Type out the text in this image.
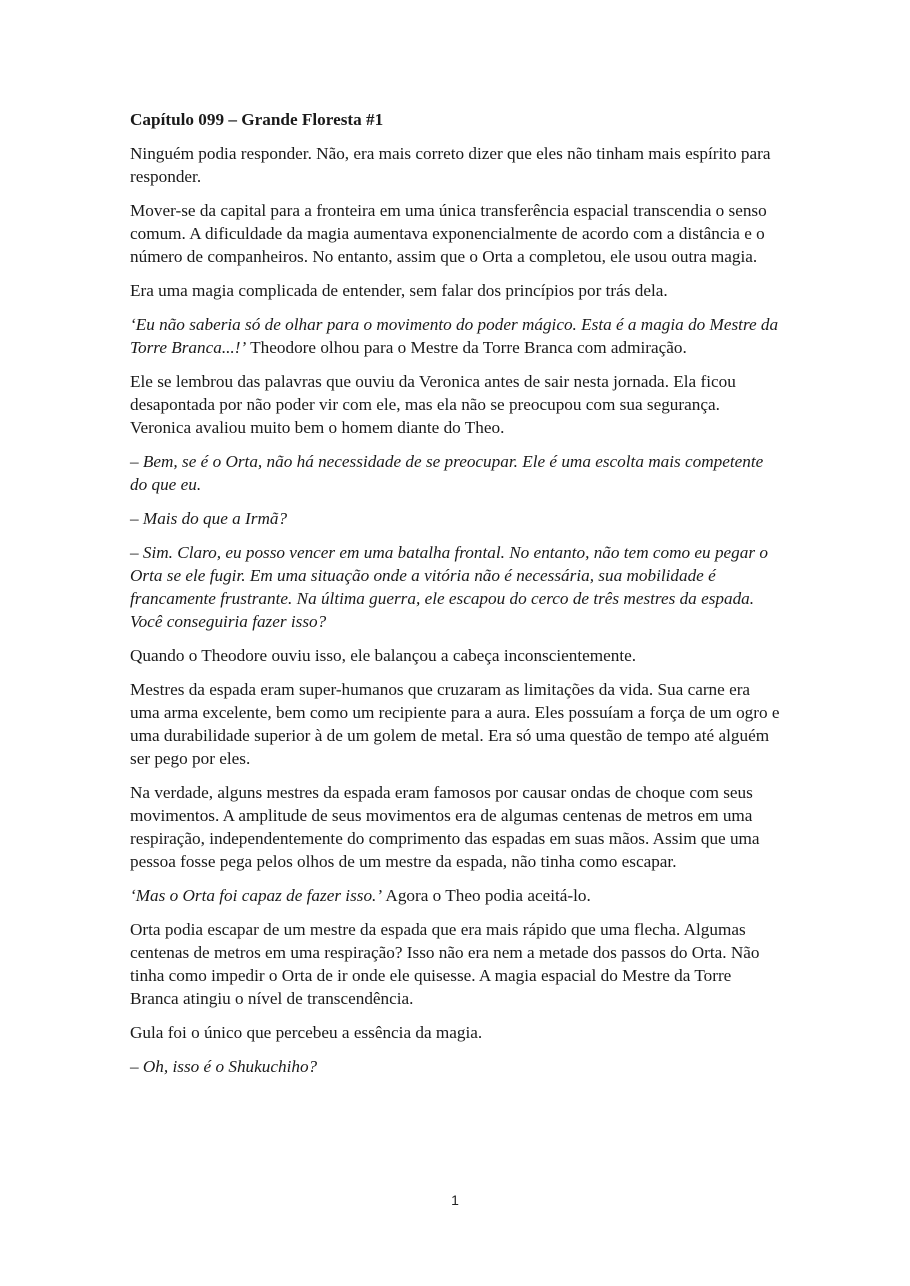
Capítulo 099 – Grande Floresta #1

Ninguém podia responder. Não, era mais correto dizer que eles não tinham mais espírito para responder.

Mover-se da capital para a fronteira em uma única transferência espacial transcendia o senso comum. A dificuldade da magia aumentava exponencialmente de acordo com a distância e o número de companheiros. No entanto, assim que o Orta a completou, ele usou outra magia.

Era uma magia complicada de entender, sem falar dos princípios por trás dela.

‘Eu não saberia só de olhar para o movimento do poder mágico. Esta é a magia do Mestre da Torre Branca...!’ Theodore olhou para o Mestre da Torre Branca com admiração.

Ele se lembrou das palavras que ouviu da Veronica antes de sair nesta jornada. Ela ficou desapontada por não poder vir com ele, mas ela não se preocupou com sua segurança. Veronica avaliou muito bem o homem diante do Theo.

– Bem, se é o Orta, não há necessidade de se preocupar. Ele é uma escolta mais competente do que eu.

– Mais do que a Irmã?

– Sim. Claro, eu posso vencer em uma batalha frontal. No entanto, não tem como eu pegar o Orta se ele fugir. Em uma situação onde a vitória não é necessária, sua mobilidade é francamente frustrante. Na última guerra, ele escapou do cerco de três mestres da espada. Você conseguiria fazer isso?

Quando o Theodore ouviu isso, ele balançou a cabeça inconscientemente.

Mestres da espada eram super-humanos que cruzaram as limitações da vida. Sua carne era uma arma excelente, bem como um recipiente para a aura. Eles possuíam a força de um ogro e uma durabilidade superior à de um golem de metal. Era só uma questão de tempo até alguém ser pego por eles.

Na verdade, alguns mestres da espada eram famosos por causar ondas de choque com seus movimentos. A amplitude de seus movimentos era de algumas centenas de metros em uma respiração, independentemente do comprimento das espadas em suas mãos. Assim que uma pessoa fosse pega pelos olhos de um mestre da espada, não tinha como escapar.

‘Mas o Orta foi capaz de fazer isso.’ Agora o Theo podia aceitá-lo.

Orta podia escapar de um mestre da espada que era mais rápido que uma flecha. Algumas centenas de metros em uma respiração? Isso não era nem a metade dos passos do Orta. Não tinha como impedir o Orta de ir onde ele quisesse. A magia espacial do Mestre da Torre Branca atingiu o nível de transcendência.

Gula foi o único que percebeu a essência da magia.

– Oh, isso é o Shukuchiho?

1
